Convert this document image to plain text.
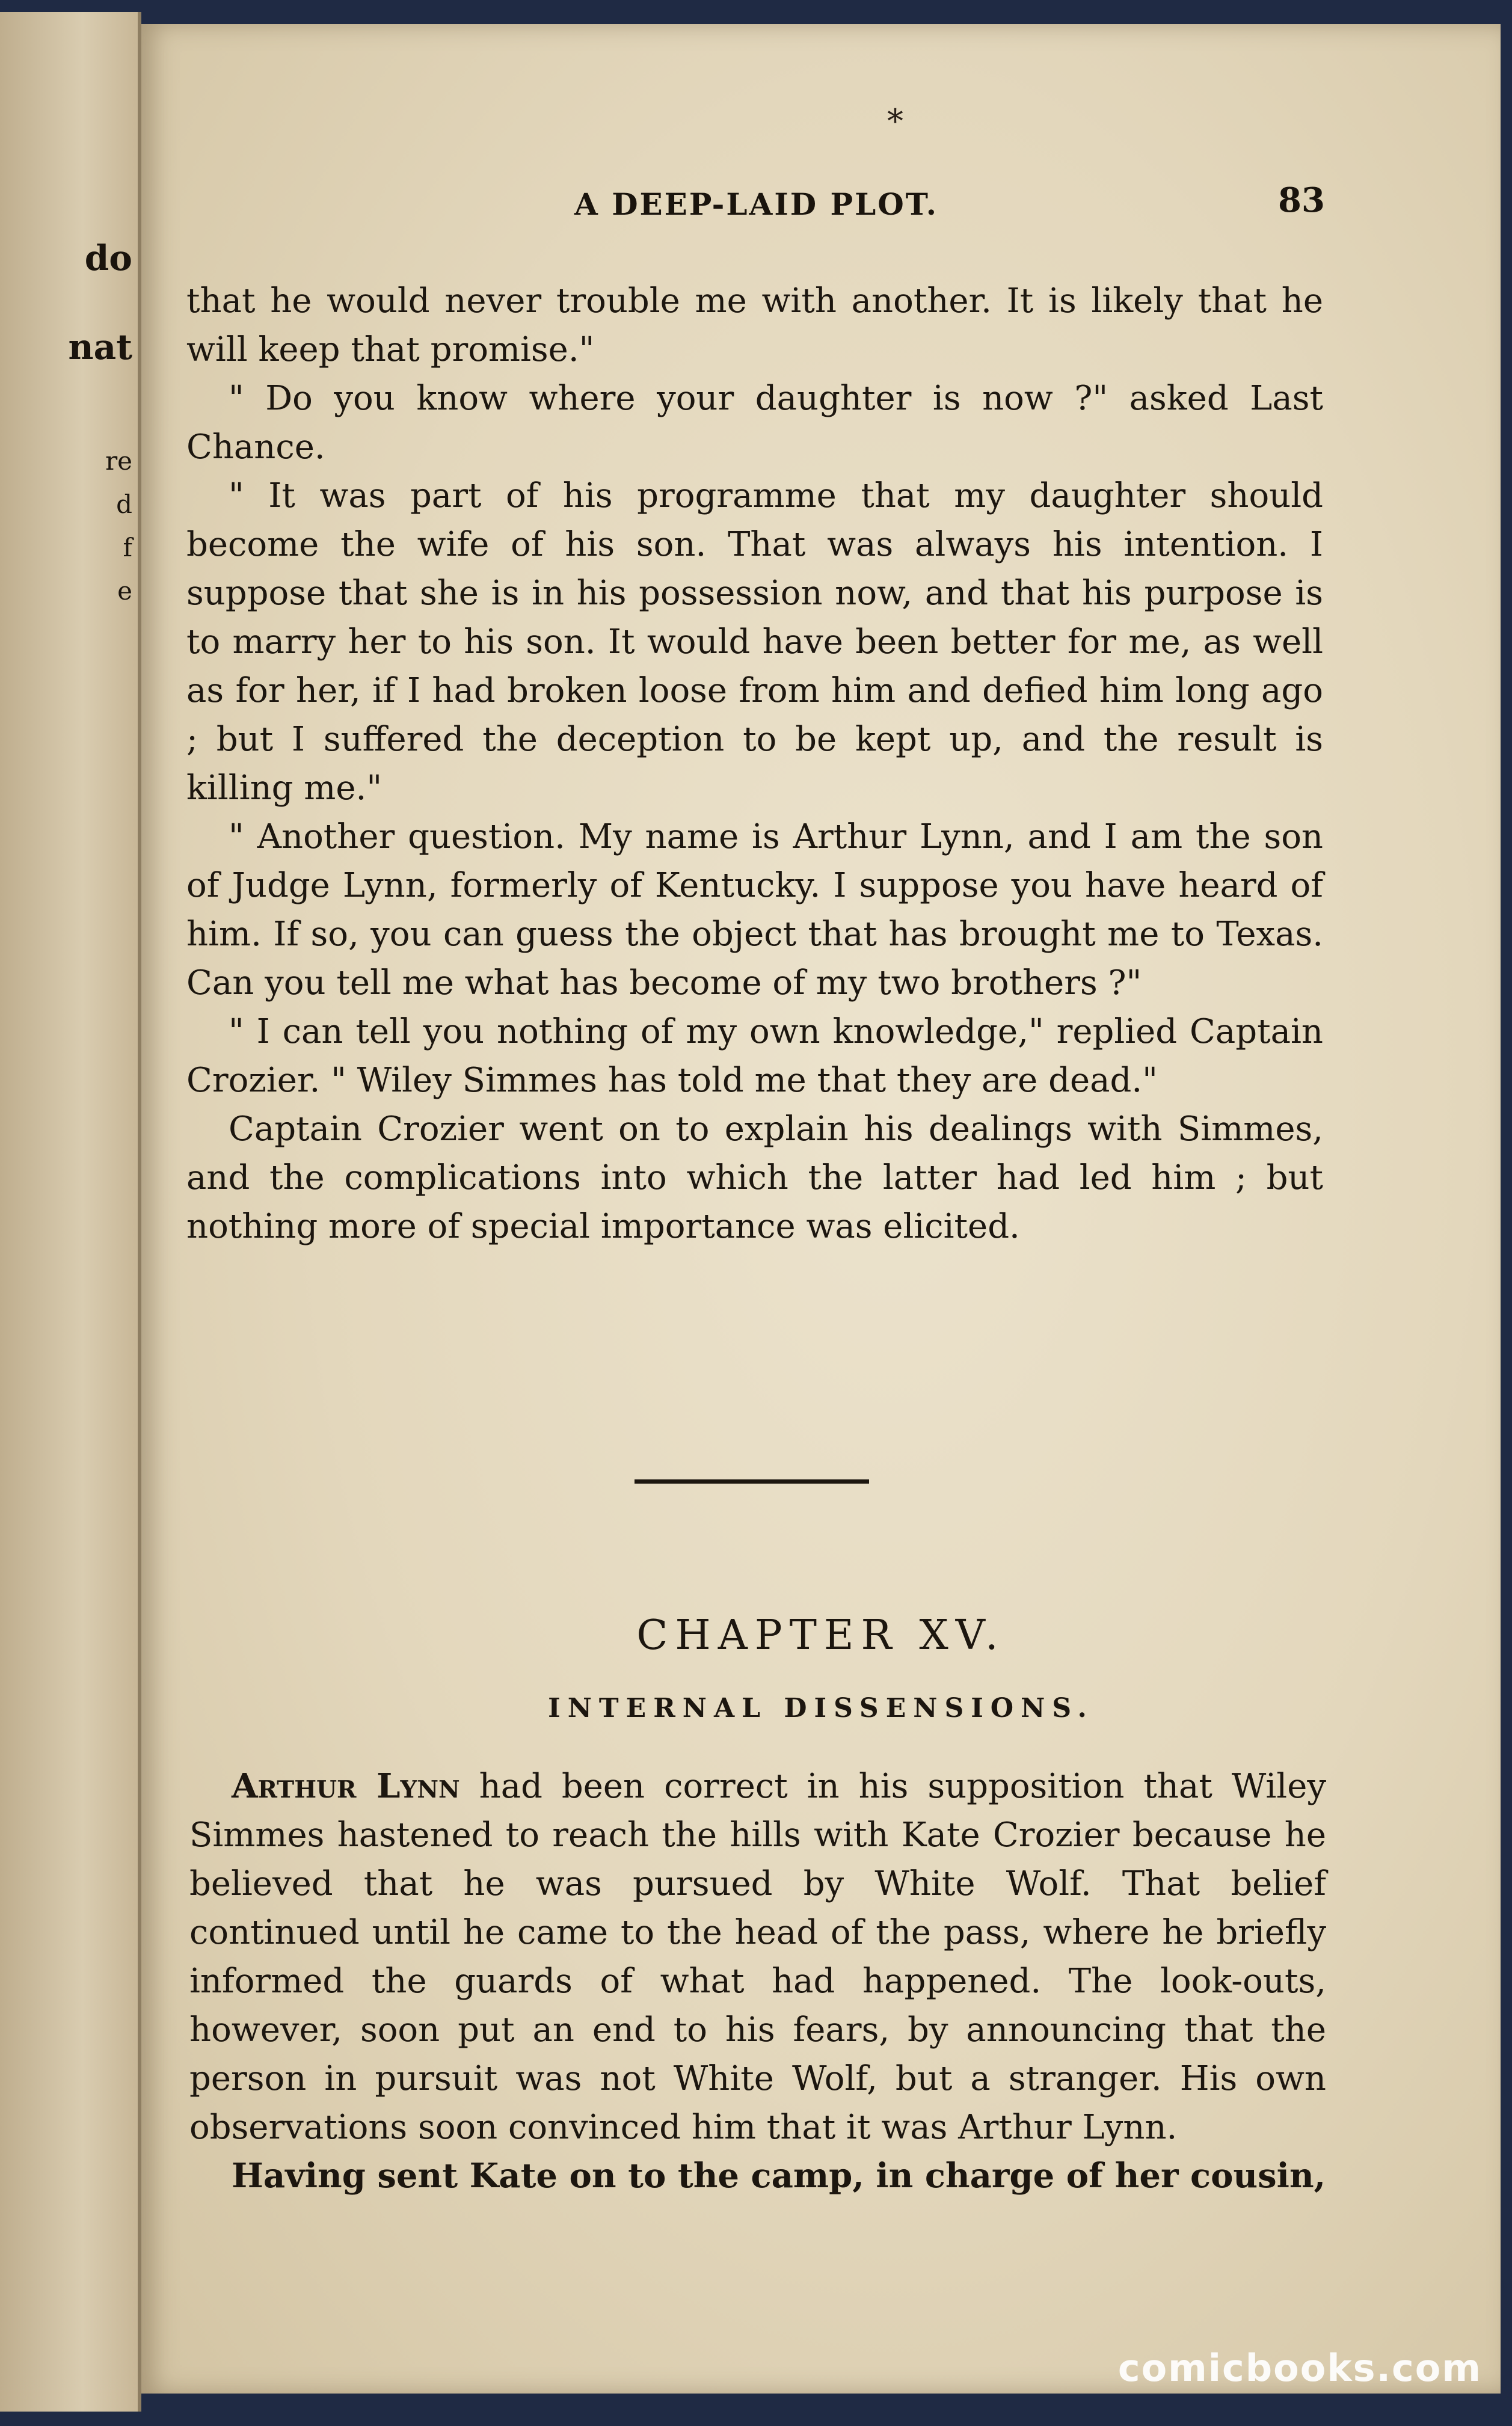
do
nat
re
d
f
e
*
A DEEP-LAID PLOT.	83

that he would never trouble me with another. It is likely that he will keep that promise."

" Do you know where your daughter is now ?" asked Last Chance.

" It was part of his programme that my daughter should become the wife of his son. That was always his intention. I suppose that she is in his possession now, and that his purpose is to marry her to his son. It would have been better for me, as well as for her, if I had broken loose from him and defied him long ago ; but I suffered the deception to be kept up, and the result is killing me."

" Another question. My name is Arthur Lynn, and I am the son of Judge Lynn, formerly of Kentucky. I suppose you have heard of him. If so, you can guess the object that has brought me to Texas. Can you tell me what has become of my two brothers ?"

" I can tell you nothing of my own knowledge," replied Captain Crozier. " Wiley Simmes has told me that they are dead."

Captain Crozier went on to explain his dealings with Simmes, and the complications into which the latter had led him ; but nothing more of special importance was elicited.

CHAPTER XV.
INTERNAL DISSENSIONS.

Arthur Lynn had been correct in his supposition that Wiley Simmes hastened to reach the hills with Kate Crozier because he believed that he was pursued by White Wolf. That belief continued until he came to the head of the pass, where he briefly informed the guards of what had happened. The look-outs, however, soon put an end to his fears, by announcing that the person in pursuit was not White Wolf, but a stranger. His own observations soon convinced him that it was Arthur Lynn.

Having sent Kate on to the camp, in charge of her cousin,

comicbooks.com
